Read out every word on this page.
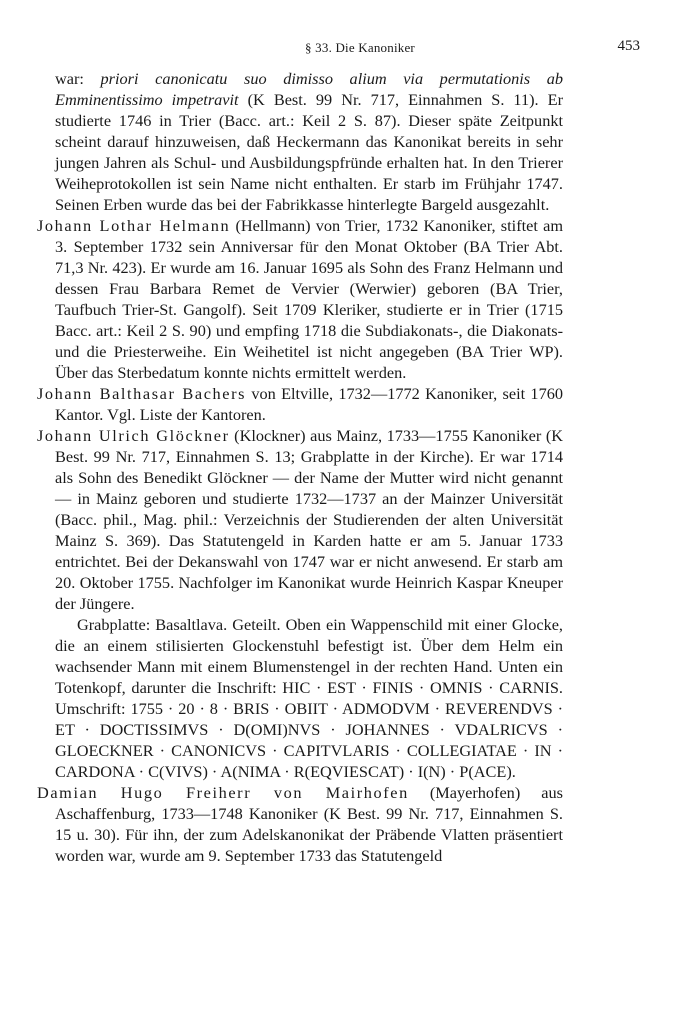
§ 33. Die Kanoniker	453

war: priori canonicatu suo dimisso alium via permutationis ab Emminentissimo impetravit (K Best. 99 Nr. 717, Einnahmen S. 11). Er studierte 1746 in Trier (Bacc. art.: Keil 2 S. 87). Dieser späte Zeitpunkt scheint darauf hinzuweisen, daß Heckermann das Kanonikat bereits in sehr jungen Jahren als Schul- und Ausbildungspfründe erhalten hat. In den Trierer Weiheprotokollen ist sein Name nicht enthalten. Er starb im Frühjahr 1747. Seinen Erben wurde das bei der Fabrikkasse hinterlegte Bargeld ausgezahlt.

Johann Lothar Helmann (Hellmann) von Trier, 1732 Kanoniker, stiftet am 3. September 1732 sein Anniversar für den Monat Oktober (BA Trier Abt. 71,3 Nr. 423). Er wurde am 16. Januar 1695 als Sohn des Franz Helmann und dessen Frau Barbara Remet de Vervier (Werwier) geboren (BA Trier, Taufbuch Trier-St. Gangolf). Seit 1709 Kleriker, studierte er in Trier (1715 Bacc. art.: Keil 2 S. 90) und empfing 1718 die Subdiakonats-, die Diakonats- und die Priesterweihe. Ein Weihetitel ist nicht angegeben (BA Trier WP). Über das Sterbedatum konnte nichts ermittelt werden.

Johann Balthasar Bachers von Eltville, 1732—1772 Kanoniker, seit 1760 Kantor. Vgl. Liste der Kantoren.

Johann Ulrich Glöckner (Klockner) aus Mainz, 1733—1755 Kanoniker (K Best. 99 Nr. 717, Einnahmen S. 13; Grabplatte in der Kirche). Er war 1714 als Sohn des Benedikt Glöckner — der Name der Mutter wird nicht genannt — in Mainz geboren und studierte 1732—1737 an der Mainzer Universität (Bacc. phil., Mag. phil.: Verzeichnis der Studierenden der alten Universität Mainz S. 369). Das Statutengeld in Karden hatte er am 5. Januar 1733 entrichtet. Bei der Dekanswahl von 1747 war er nicht anwesend. Er starb am 20. Oktober 1755. Nachfolger im Kanonikat wurde Heinrich Kaspar Kneuper der Jüngere.

Grabplatte: Basaltlava. Geteilt. Oben ein Wappenschild mit einer Glocke, die an einem stilisierten Glockenstuhl befestigt ist. Über dem Helm ein wachsender Mann mit einem Blumenstengel in der rechten Hand. Unten ein Totenkopf, darunter die Inschrift: HIC · EST · FINIS · OMNIS · CARNIS. Umschrift: 1755 · 20 · 8 · BRIS · OBIIT · ADMODVM · REVERENDVS · ET · DOCTISSIMVS · D(OMI)NVS · JOHANNES · VDALRICVS · GLOECKNER · CANONICVS · CAPITVLARIS · COLLEGIATAE · IN · CARDONA · C(VIVS) · A(NIMA · R(EQVIESCAT) · I(N) · P(ACE).

Damian Hugo Freiherr von Mairhofen (Mayerhofen) aus Aschaffenburg, 1733—1748 Kanoniker (K Best. 99 Nr. 717, Einnahmen S. 15 u. 30). Für ihn, der zum Adelskanonikat der Präbende Vlatten präsentiert worden war, wurde am 9. September 1733 das Statutengeld
